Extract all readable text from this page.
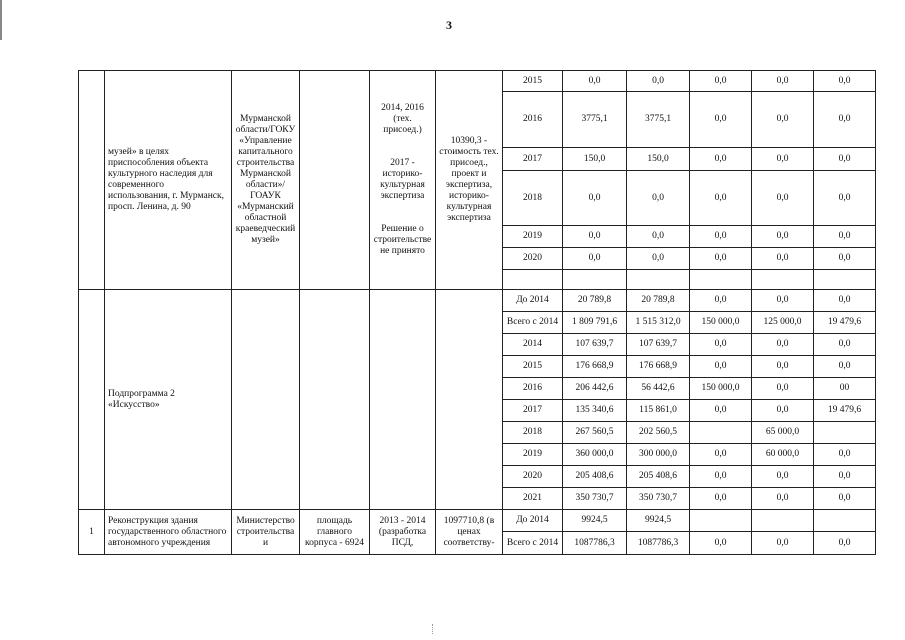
3
	музей» в целях приспособления объекта культурного наследия для современного использования, г. Мурманск, просп. Ленина, д. 90	Мурманской области/ГОКУ «Управление капитального строительства Мурманской области»/ ГОАУК «Мурманский областной краеведческий музей»		2014, 2016 (тех. присоед.)
2017 - историко-культурная экспертиза
Решение о строительстве не принято	10390,3 - стоимость тех. присоед., проект и экспертиза, историко-культурная экспертиза	2015	0,0	0,0	0,0	0,0	0,0
						2016	3775,1	3775,1	0,0	0,0	0,0
						2017	150,0	150,0	0,0	0,0	0,0
						2018	0,0	0,0	0,0	0,0	0,0
						2019	0,0	0,0	0,0	0,0	0,0
						2020	0,0	0,0	0,0	0,0	0,0

	Подпрограмма 2 «Искусство»					До 2014	20 789,8	20 789,8	0,0	0,0	0,0
						Всего с 2014	1 809 791,6	1 515 312,0	150 000,0	125 000,0	19 479,6
						2014	107 639,7	107 639,7	0,0	0,0	0,0
						2015	176 668,9	176 668,9	0,0	0,0	0,0
						2016	206 442,6	56 442,6	150 000,0	0,0	00
						2017	135 340,6	115 861,0	0,0	0,0	19 479,6
						2018	267 560,5	202 560,5		65 000,0	
						2019	360 000,0	300 000,0	0,0	60 000,0	0,0
						2020	205 408,6	205 408,6	0,0	0,0	0,0
						2021	350 730,7	350 730,7	0,0	0,0	0,0
1	Реконструкция здания государственного областного автономного учреждения	Министерство строительства и	площадь главного корпуса - 6924	2013 - 2014 (разработка ПСД,	1097710,8 (в ценах соответству-	До 2014	9924,5	9924,5			
						Всего с 2014	1087786,3	1087786,3	0,0	0,0	0,0
